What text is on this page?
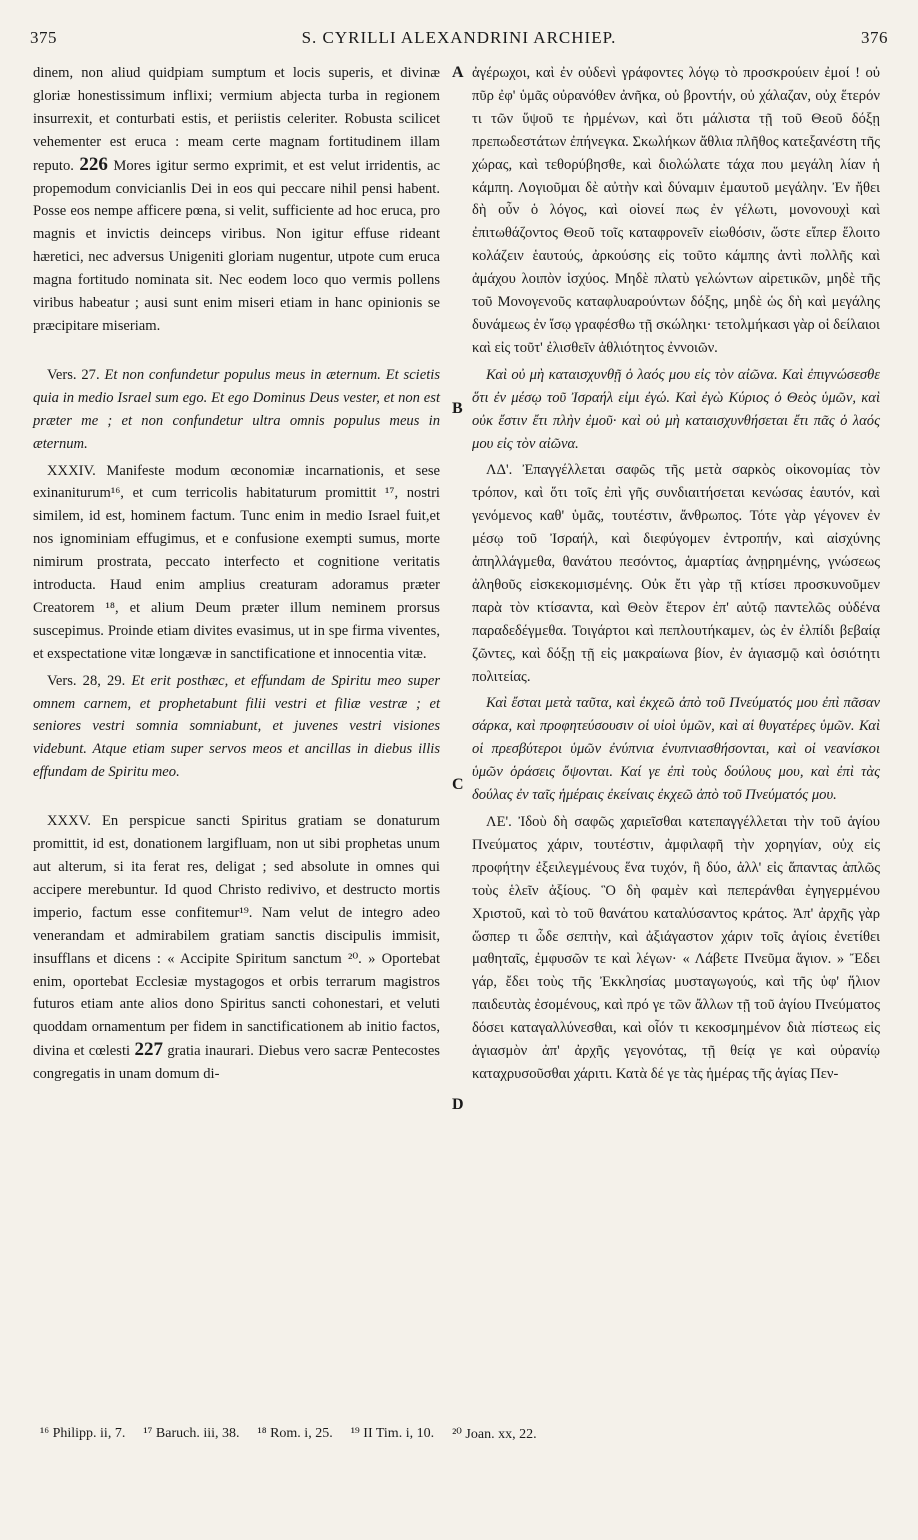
375	S. CYRILLI ALEXANDRINI ARCHIEP.	376
A
B
C
D

dinem, non aliud quidpiam sumptum et locis superis, et divinæ gloriæ honestissimum inflixi; vermium abjecta turba in regionem insurrexit, et conturbati estis, et periistis celeriter. Robusta scilicet vehementer est eruca : meam certe magnam fortitudinem illam reputo. 226 Mores igitur sermo exprimit, et est velut irridentis, ac propemodum convicianlis Dei in eos qui peccare nihil pensi habent. Posse eos nempe afficere pœna, si velit, sufficiente ad hoc eruca, pro magnis et invictis deinceps viribus. Non igitur effuse rideant hæretici, nec adversus Unigeniti gloriam nugentur, utpote cum eruca magna fortitudo nominata sit. Nec eodem loco quo vermis pollens viribus habeatur ; ausi sunt enim miseri etiam in hanc opinionis se præcipitare miseriam.

Vers. 27. Et non confundetur populus meus in æternum. Et scietis quia in medio Israel sum ego. Et ego Dominus Deus vester, et non est præter me ; et non confundetur ultra omnis populus meus in æternum.

XXXIV. Manifeste modum œconomiæ incarnationis, et sese exinaniturum¹⁶, et cum terricolis habitaturum promittit ¹⁷, nostri similem, id est, hominem factum. Tunc enim in medio Israel fuit,et nos ignominiam effugimus, et e confusione exempti sumus, morte nimirum prostrata, peccato interfecto et cognitione veritatis introducta. Haud enim amplius creaturam adoramus præter Creatorem ¹⁸, et alium Deum præter illum neminem prorsus suscepimus. Proinde etiam divites evasimus, ut in spe firma viventes, et exspectatione vitæ longævæ in sanctificatione et innocentia vitæ.

Vers. 28, 29. Et erit posthæc, et effundam de Spiritu meo super omnem carnem, et prophetabunt filii vestri et filiæ vestræ ; et seniores vestri somnia somniabunt, et juvenes vestri visiones videbunt. Atque etiam super servos meos et ancillas in diebus illis effundam de Spiritu meo.

XXXV. En perspicue sancti Spiritus gratiam se donaturum promittit, id est, donationem largifluam, non ut sibi prophetas unum aut alterum, si ita ferat res, deligat ; sed absolute in omnes qui accipere merebuntur. Id quod Christo redivivo, et destructo mortis imperio, factum esse confitemur¹⁹. Nam velut de integro adeo venerandam et admirabilem gratiam sanctis discipulis immisit, insufflans et dicens : « Accipite Spiritum sanctum ²⁰. » Oportebat enim, oportebat Ecclesiæ mystagogos et orbis terrarum magistros futuros etiam ante alios dono Spiritus sancti cohonestari, et veluti quoddam ornamentum per fidem in sanctificationem ab initio factos, divina et cœlesti 227 gratia inaurari. Diebus vero sacræ Pentecostes congregatis in unam domum di-

ἀγέρωχοι, καὶ ἐν οὐδενὶ γράφοντες λόγῳ τὸ προσκρούειν ἐμοί ! οὐ πῦρ ἐφ' ὑμᾶς οὐρανόθεν ἀνῆκα, οὐ βροντήν, οὐ χάλαζαν, οὐχ ἕτερόν τι τῶν ὕψοῦ τε ἠρμένων, καὶ ὅτι μάλιστα τῇ τοῦ Θεοῦ δόξῃ πρεπωδεστάτων ἐπήνεγκα. Σκωλήκων ἄθλια πλῆθος κατεξανέστη τῆς χώρας, καὶ τεθορύβησθε, καὶ διολώλατε τάχα που μεγάλη λίαν ἡ κάμπη. Λογιοῦμαι δὲ αὐτὴν καὶ δύναμιν ἐμαυτοῦ μεγάλην. Ἐν ἤθει δὴ οὖν ὁ λόγος, καὶ οἱονεί πως ἐν γέλωτι, μονονουχὶ καὶ ἐπιτωθάζοντος Θεοῦ τοῖς καταφρονεῖν εἰωθόσιν, ὥστε εἴπερ ἕλοιτο κολάζειν ἑαυτούς, ἀρκούσης εἰς τοῦτο κάμπης ἀντὶ πολλῆς καὶ ἀμάχου λοιπὸν ἰσχύος. Μηδὲ πλατὺ γελώντων αἱρετικῶν, μηδὲ τῆς τοῦ Μονογενοῦς καταφλυαρούντων δόξης, μηδὲ ὡς δὴ καὶ μεγάλης δυνάμεως ἐν ἴσῳ γραφέσθω τῇ σκώληκι· τετολμήκασι γὰρ οἱ δείλαιοι καὶ εἰς τοῦτ' ἐλισθεῖν ἀθλιότητος ἐννοιῶν.

Καὶ οὐ μὴ καταισχυνθῇ ὁ λαός μου εἰς τὸν αἰῶνα. Καὶ ἐπιγνώσεσθε ὅτι ἐν μέσῳ τοῦ Ἰσραήλ εἰμι ἐγώ. Καὶ ἐγὼ Κύριος ὁ Θεὸς ὑμῶν, καὶ οὐκ ἔστιν ἔτι πλὴν ἐμοῦ· καὶ οὐ μὴ καταισχυνθήσεται ἔτι πᾶς ὁ λαός μου εἰς τὸν αἰῶνα.

ΛΔ'. Ἐπαγγέλλεται σαφῶς τῆς μετὰ σαρκὸς οἰκονομίας τὸν τρόπον, καὶ ὅτι τοῖς ἐπὶ γῆς συνδιαιτήσεται κενώσας ἑαυτόν, καὶ γενόμενος καθ' ὑμᾶς, τουτέστιν, ἄνθρωπος. Τότε γὰρ γέγονεν ἐν μέσῳ τοῦ Ἰσραήλ, καὶ διεφύγομεν ἐντροπήν, καὶ αἰσχύνης ἀπηλλάγμεθα, θανάτου πεσόντος, ἁμαρτίας ἀνῃρημένης, γνώσεως ἀληθοῦς εἰσκεκομισμένης. Οὐκ ἔτι γὰρ τῇ κτίσει προσκυνοῦμεν παρὰ τὸν κτίσαντα, καὶ Θεὸν ἕτερον ἐπ' αὐτῷ παντελῶς οὐδένα παραδεδέγμεθα. Τοιγάρτοι καὶ πεπλουτήκαμεν, ὡς ἐν ἐλπίδι βεβαίᾳ ζῶντες, καὶ δόξῃ τῇ εἰς μακραίωνα βίον, ἐν ἁγιασμῷ καὶ ὁσιότητι πολιτείας.

Καὶ ἔσται μετὰ ταῦτα, καὶ ἐκχεῶ ἀπὸ τοῦ Πνεύματός μου ἐπὶ πᾶσαν σάρκα, καὶ προφητεύσουσιν οἱ υἱοὶ ὑμῶν, καὶ αἱ θυγατέρες ὑμῶν. Καὶ οἱ πρεσβύτεροι ὑμῶν ἐνύπνια ἐνυπνιασθήσονται, καὶ οἱ νεανίσκοι ὑμῶν ὁράσεις ὄψονται. Καί γε ἐπὶ τοὺς δούλους μου, καὶ ἐπὶ τὰς δούλας ἐν ταῖς ἡμέραις ἐκείναις ἐκχεῶ ἀπὸ τοῦ Πνεύματός μου.

ΛΕ'. Ἰδοὺ δὴ σαφῶς χαριεῖσθαι κατεπαγγέλλεται τὴν τοῦ ἁγίου Πνεύματος χάριν, τουτέστιν, ἀμφιλαφῆ τὴν χορηγίαν, οὐχ εἰς προφήτην ἐξειλεγμένους ἕνα τυχόν, ἢ δύο, ἀλλ' εἰς ἅπαντας ἁπλῶς τοὺς ἑλεῖν ἀξίους. Ὃ δὴ φαμὲν καὶ πεπεράνθαι ἐγηγερμένου Χριστοῦ, καὶ τὸ τοῦ θανάτου καταλύσαντος κράτος. Ἀπ' ἀρχῆς γὰρ ὥσπερ τι ὧδε σεπτὴν, καὶ ἀξιάγαστον χάριν τοῖς ἁγίοις ἐνετίθει μαθηταῖς, ἐμφυσῶν τε καὶ λέγων· « Λάβετε Πνεῦμα ἅγιον. » Ἔδει γάρ, ἔδει τοὺς τῆς Ἐκκλησίας μυσταγωγούς, καὶ τῆς ὑφ' ἥλιον παιδευτὰς ἐσομένους, καὶ πρό γε τῶν ἄλλων τῇ τοῦ ἁγίου Πνεύματος δόσει καταγαλλύνεσθαι, καὶ οἷόν τι κεκοσμημένον διὰ πίστεως εἰς ἁγιασμὸν ἀπ' ἀρχῆς γεγονότας, τῇ θείᾳ γε καὶ οὐρανίῳ καταχρυσοῦσθαι χάριτι. Κατὰ δέ γε τὰς ἡμέρας τῆς ἁγίας Πεν-

¹⁶ Philipp. ii, 7. ¹⁷ Baruch. iii, 38. ¹⁸ Rom. i, 25. ¹⁹ II Tim. i, 10. ²⁰ Joan. xx, 22.
